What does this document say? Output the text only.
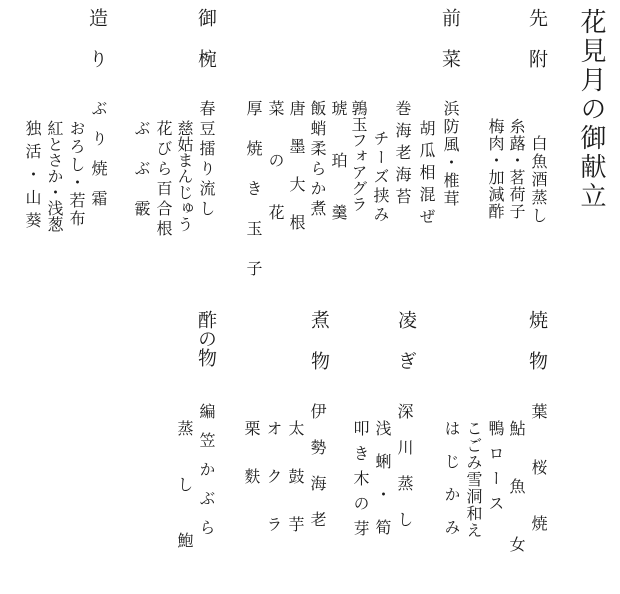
花見月の御献立
先附
白魚酒蒸し
糸蕗・茗荷子
梅肉・加減酢
前菜
浜防風・椎茸
胡瓜相混ぜ
巻海老海苔
チーズ挟み
鶉玉フォアグラ
琥珀羹
飯蛸柔らか煮
唐墨大根
菜の花
厚焼き玉子
御椀
春豆擂り流し
慈姑まんじゅう
花びら百合根
ぶぶ霰
造り
ぶり焼霜
おろし・若布
紅とさか・浅葱
独活・山葵
焼物
葉桜焼
鮎魚女
鴨ロース
こごみ雪洞和え
はじかみ
凌ぎ
深川蒸し
浅蜊・筍
叩き木の芽
煮物
伊勢海老
太鼓芋
オクラ
栗麩
酢の物
編笠かぶら
蒸し鮑
